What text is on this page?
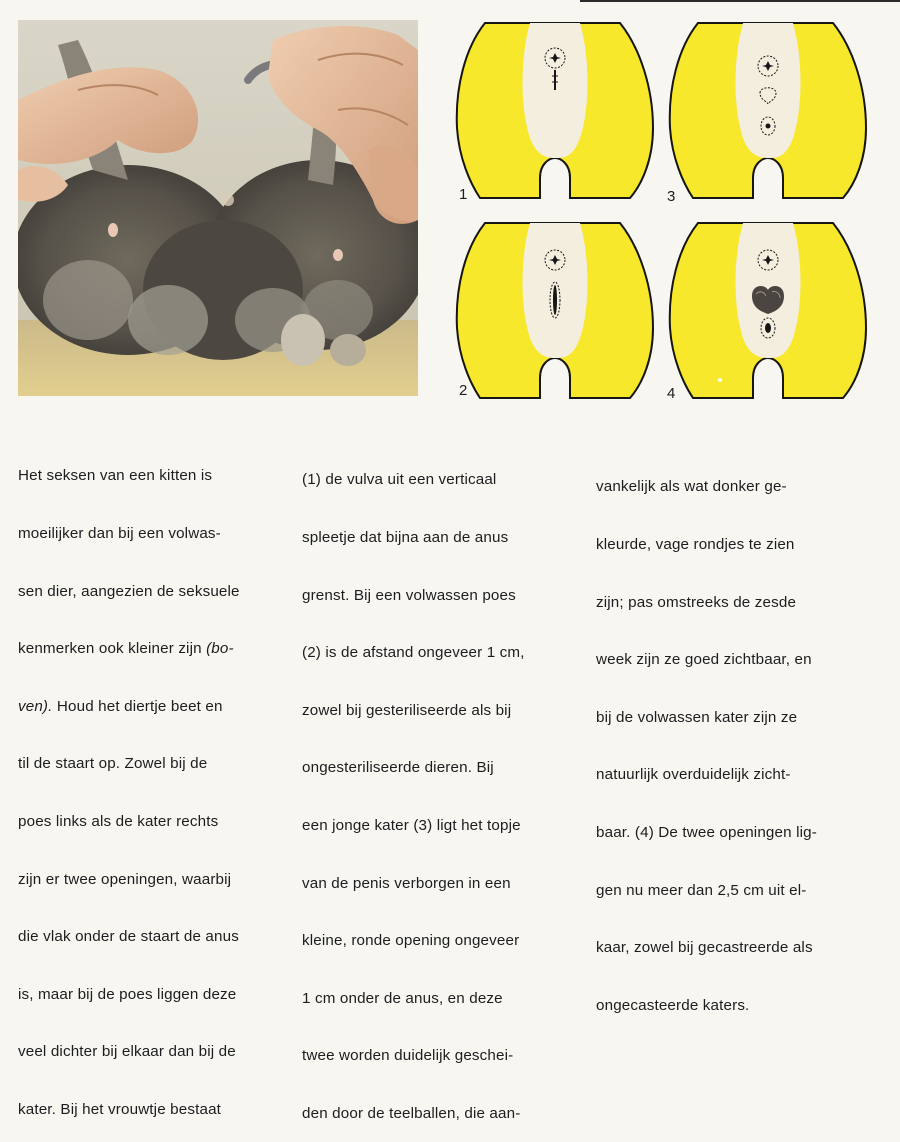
1	3
2	4

Het seksen van een kitten is

moeilijker dan bij een volwas-

sen dier, aangezien de seksuele

kenmerken ook kleiner zijn (bo-

ven). Houd het diertje beet en

til de staart op. Zowel bij de

poes links als de kater rechts

zijn er twee openingen, waarbij

die vlak onder de staart de anus

is, maar bij de poes liggen deze

veel dichter bij elkaar dan bij de

kater. Bij het vrouwtje bestaat

(1) de vulva uit een verticaal

spleetje dat bijna aan de anus

grenst. Bij een volwassen poes

(2) is de afstand ongeveer 1 cm,

zowel bij gesteriliseerde als bij

ongesteriliseerde dieren. Bij

een jonge kater (3) ligt het topje

van de penis verborgen in een

kleine, ronde opening ongeveer

1 cm onder de anus, en deze

twee worden duidelijk geschei-

den door de teelballen, die aan-

vankelijk als wat donker ge-

kleurde, vage rondjes te zien

zijn; pas omstreeks de zesde

week zijn ze goed zichtbaar, en

bij de volwassen kater zijn ze

natuurlijk overduidelijk zicht-

baar. (4) De twee openingen lig-

gen nu meer dan 2,5 cm uit el-

kaar, zowel bij gecastreerde als

ongecasteerde katers.
